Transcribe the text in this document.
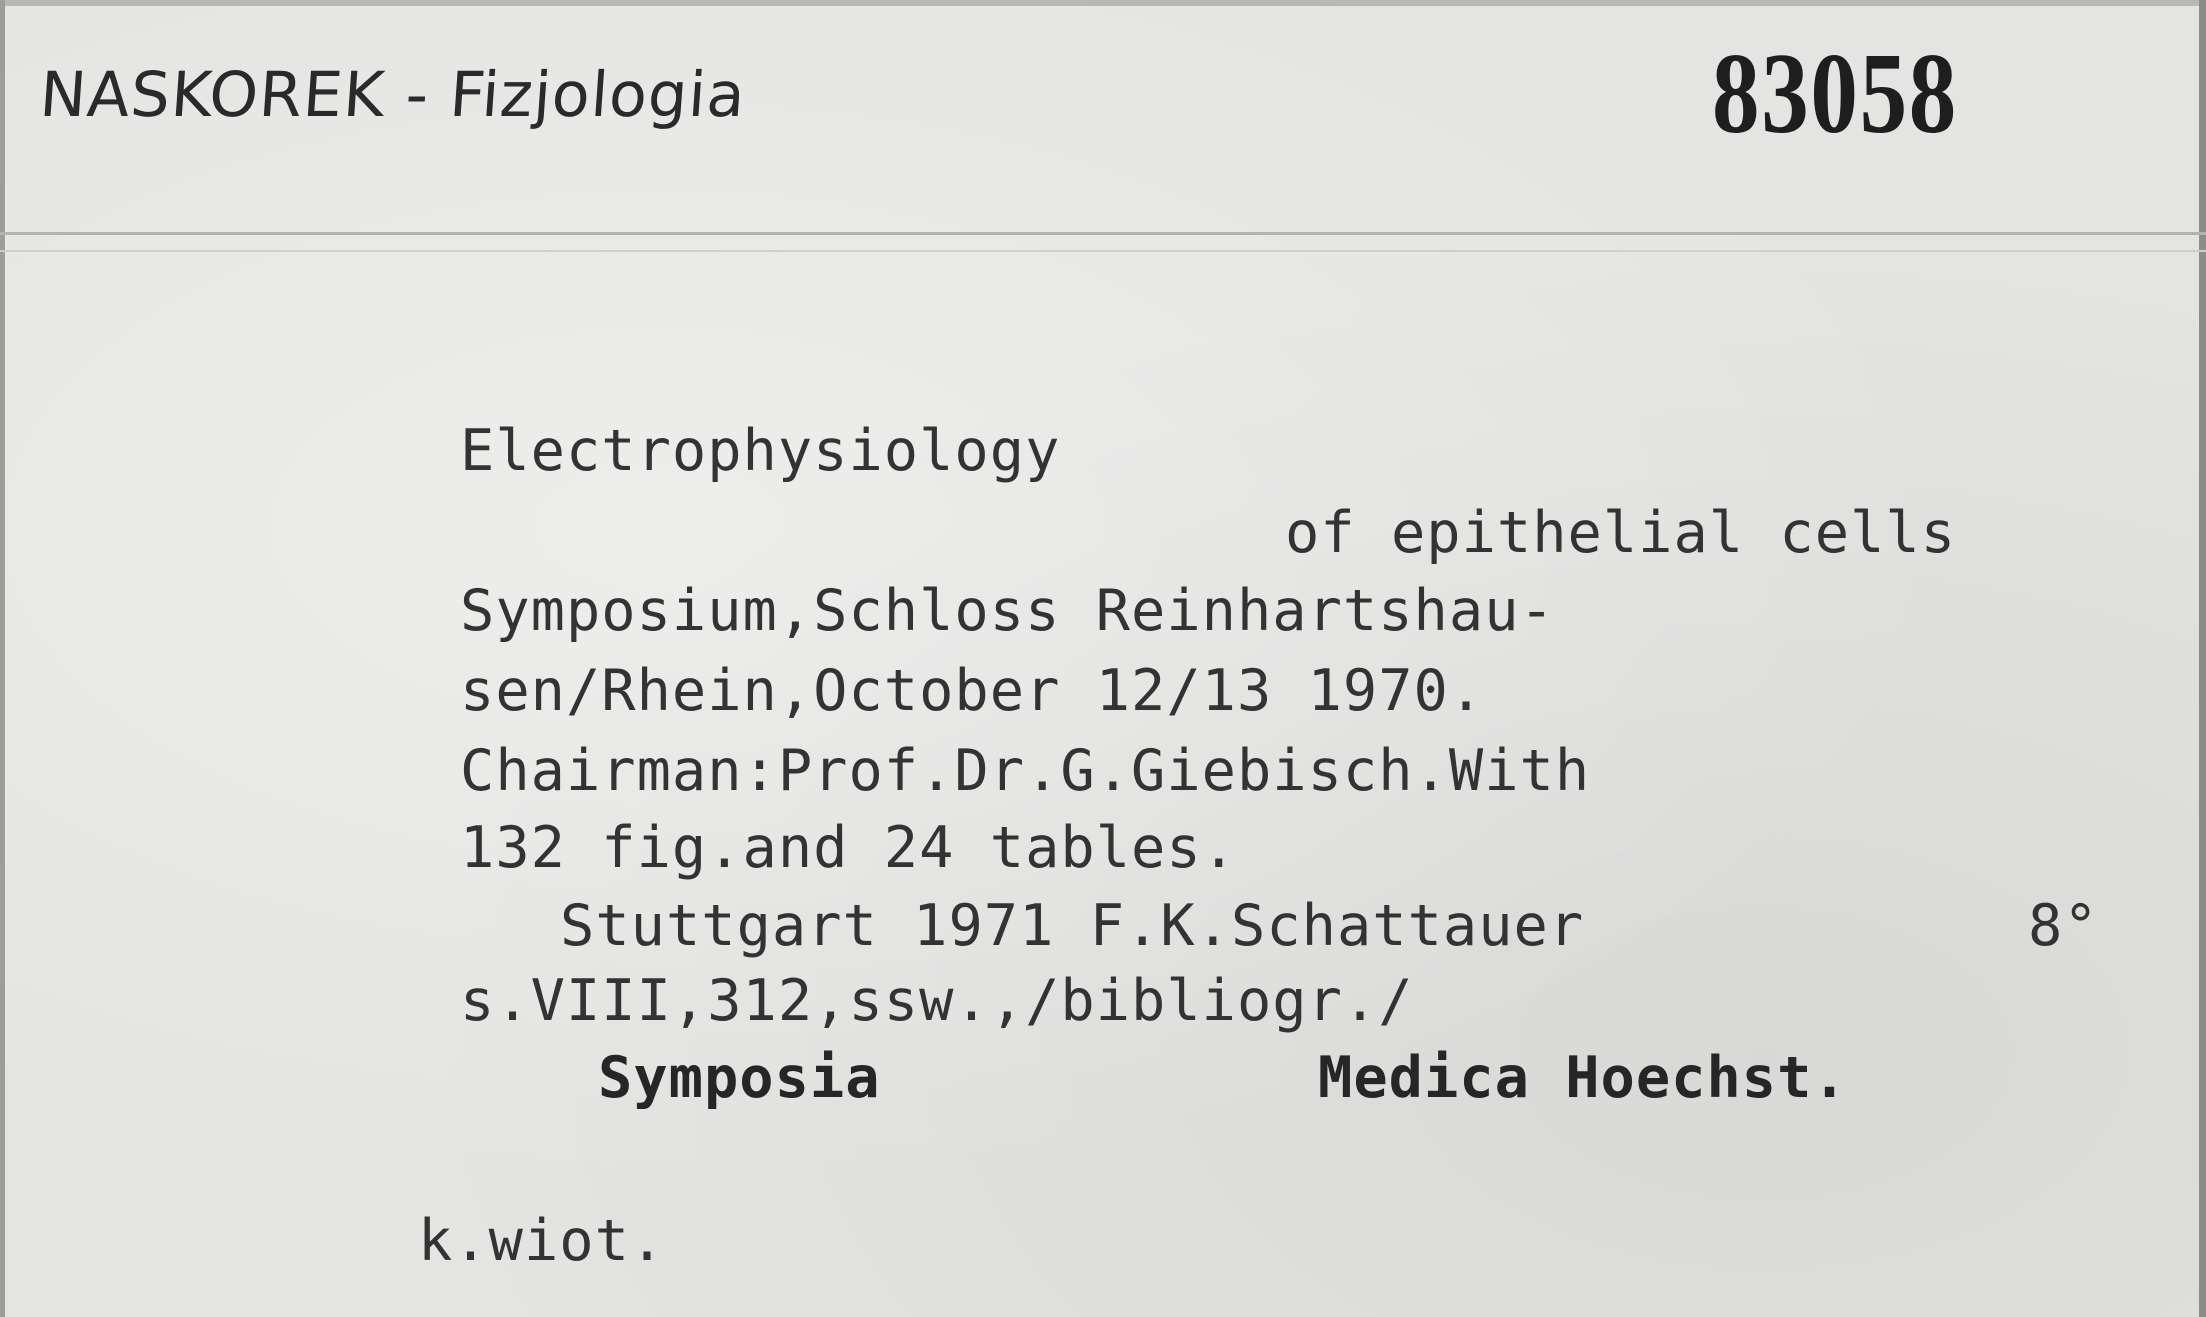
NASKOREK - Fizjologia	83058
Electrophysiology
of epithelial cells
Symposium,Schloss Reinhartshau-
sen/Rhein,October 12/13 1970.
Chairman:Prof.Dr.G.Giebisch.With
132 fig.and 24 tables.
Stuttgart 1971 F.K.Schattauer	8°
s.VIII,312,ssw.,/bibliogr./
Symposia	Medica Hoechst.
k.wiot.
